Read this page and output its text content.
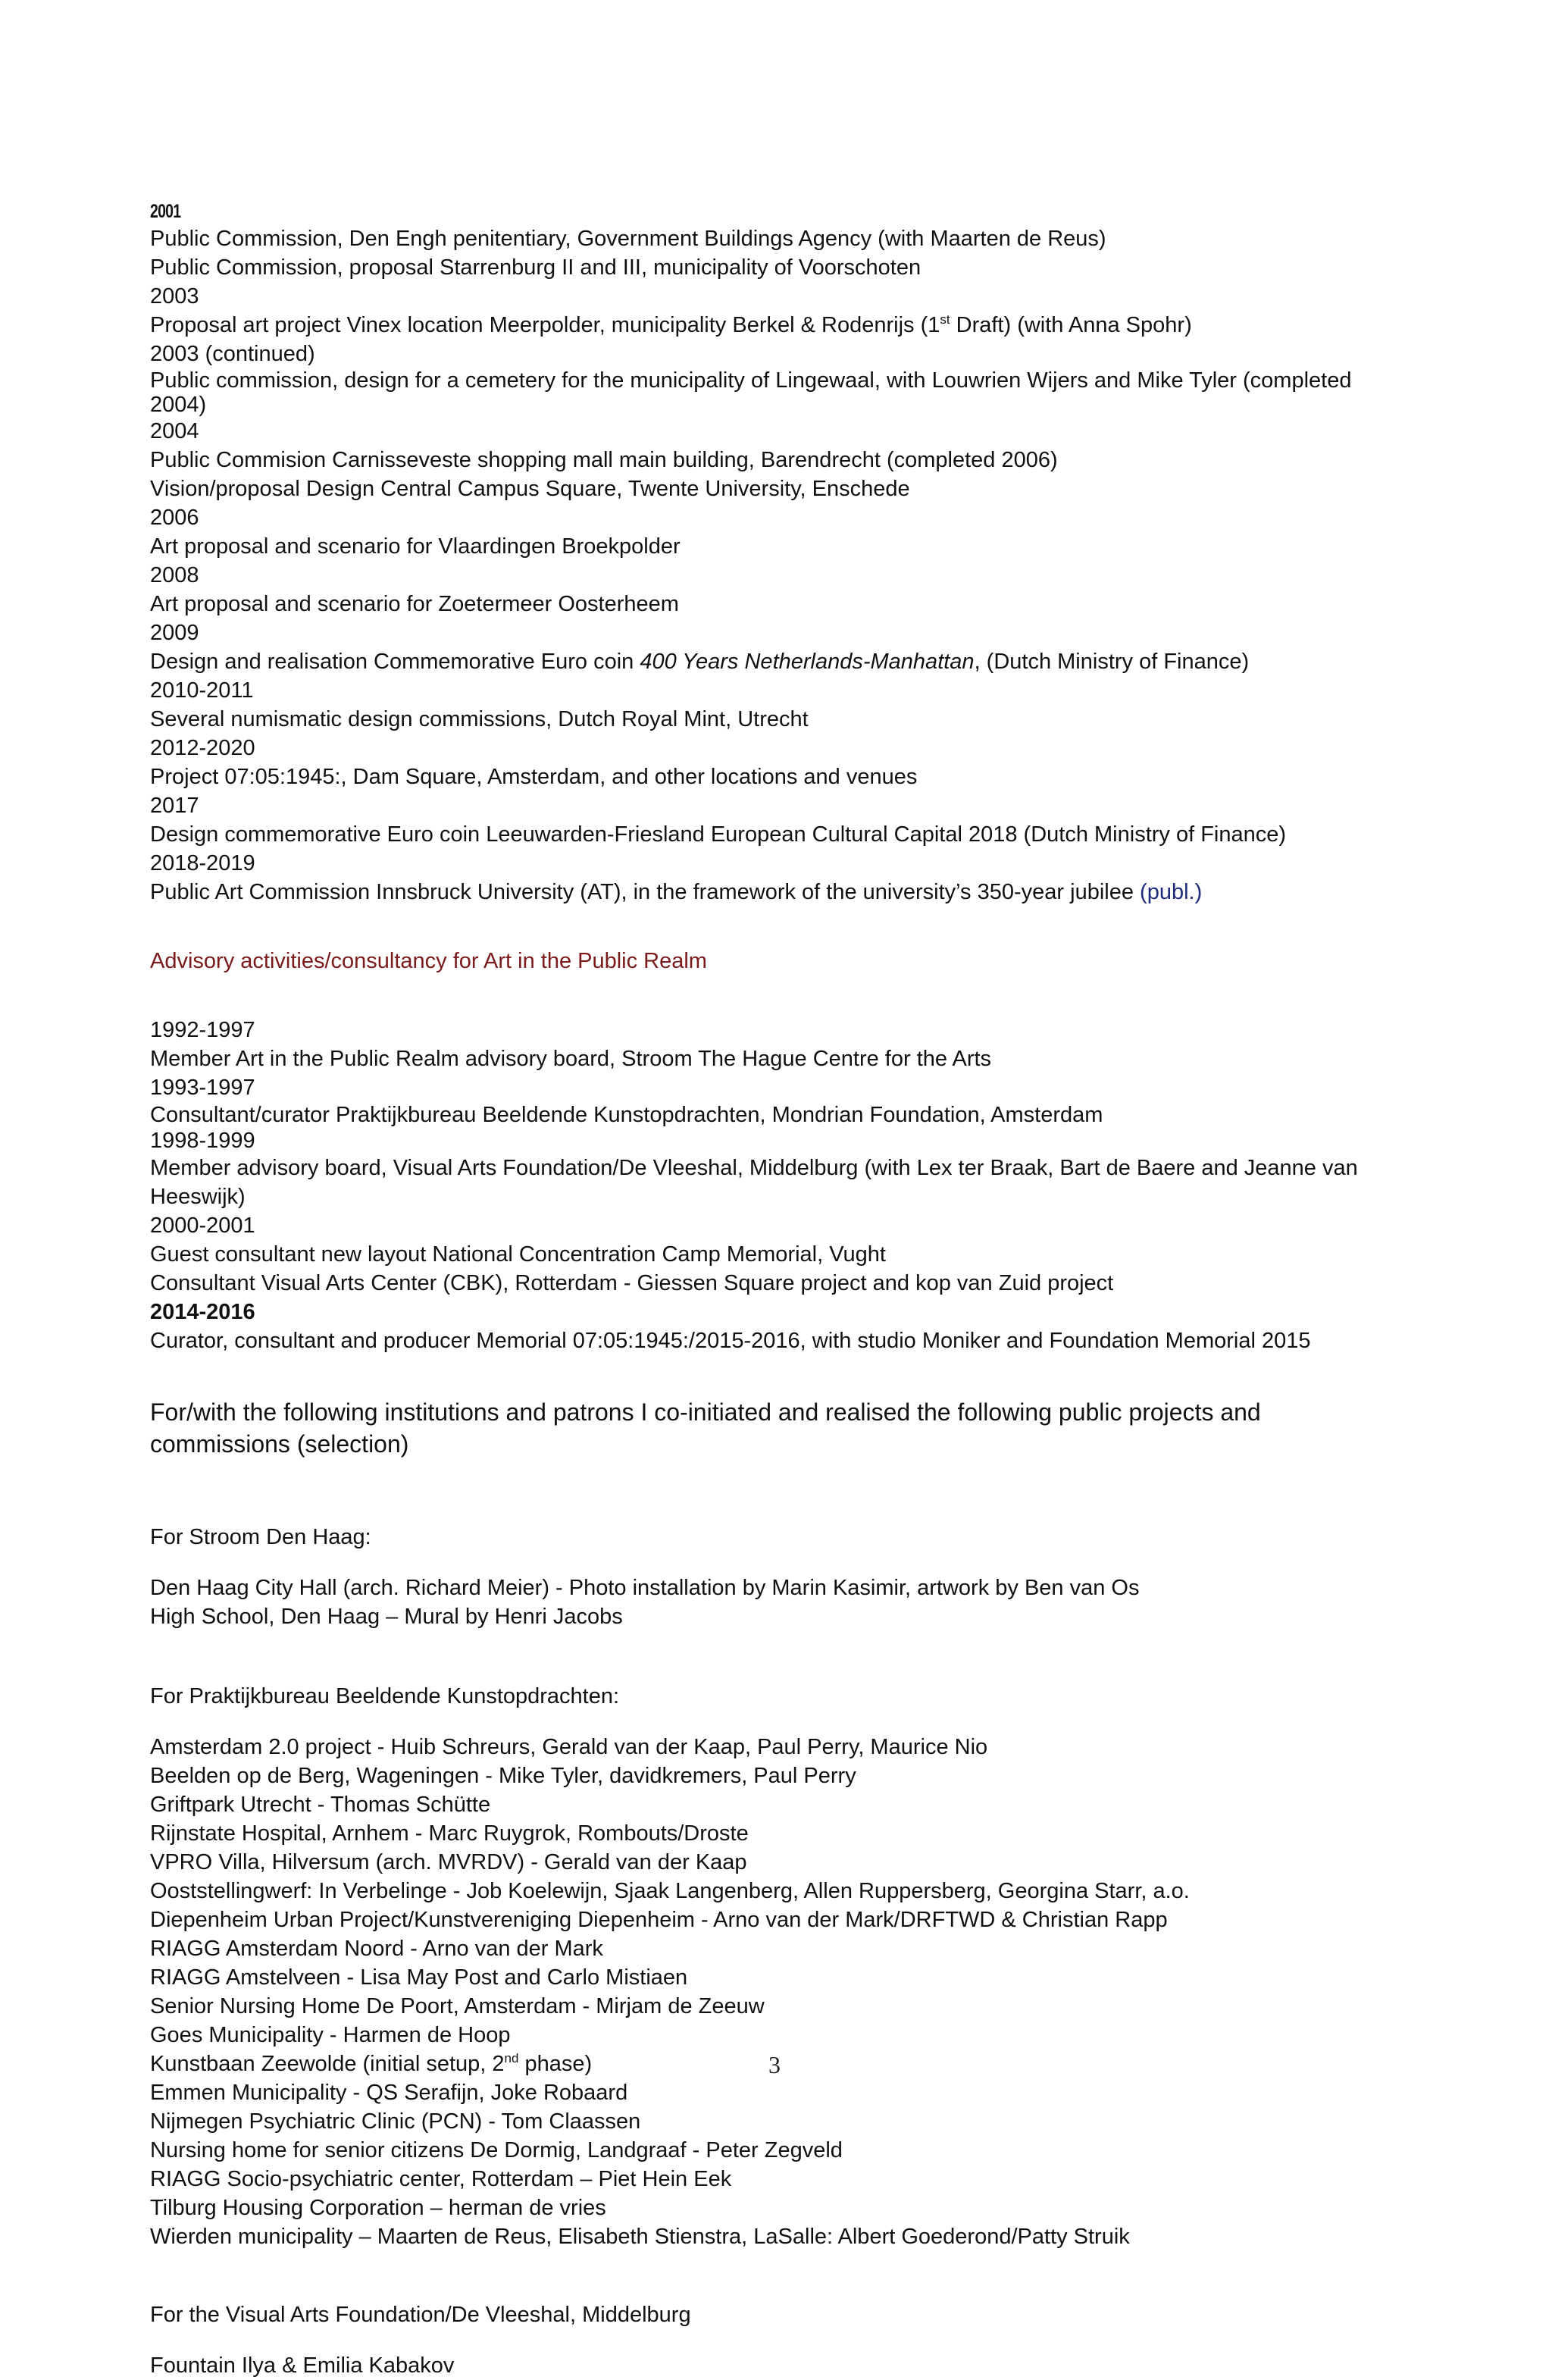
2001

Public Commission, Den Engh penitentiary, Government Buildings Agency (with Maarten de Reus)

Public Commission, proposal Starrenburg II and III, municipality of Voorschoten

2003

Proposal art project Vinex location Meerpolder, municipality Berkel & Rodenrijs (1st Draft) (with Anna Spohr)

2003 (continued)

Public commission, design for a cemetery for the municipality of Lingewaal, with Louwrien Wijers and Mike Tyler (completed 2004)

2004

Public Commision Carnisseveste shopping mall main building, Barendrecht (completed 2006)

Vision/proposal Design Central Campus Square, Twente University, Enschede

2006

Art proposal and scenario for Vlaardingen Broekpolder

2008

Art proposal and scenario for Zoetermeer Oosterheem

2009

Design and realisation Commemorative Euro coin 400 Years Netherlands-Manhattan, (Dutch Ministry of Finance)

2010-2011

Several numismatic design commissions, Dutch Royal Mint, Utrecht

2012-2020

Project 07:05:1945:, Dam Square, Amsterdam, and other locations and venues

2017

Design commemorative Euro coin Leeuwarden-Friesland European Cultural Capital 2018 (Dutch Ministry of Finance)

2018-2019

Public Art Commission Innsbruck University (AT), in the framework of the university’s 350-year jubilee (publ.)

Advisory activities/consultancy for Art in the Public Realm

1992-1997

Member Art in the Public Realm advisory board, Stroom The Hague Centre for the Arts

1993-1997

Consultant/curator Praktijkbureau Beeldende Kunstopdrachten, Mondrian Foundation, Amsterdam

1998-1999

Member advisory board, Visual Arts Foundation/De Vleeshal, Middelburg (with Lex ter Braak, Bart de Baere and Jeanne van Heeswijk)

2000-2001

Guest consultant new layout National Concentration Camp Memorial, Vught

Consultant Visual Arts Center (CBK), Rotterdam - Giessen Square project and kop van Zuid project

2014-2016

Curator, consultant and producer Memorial 07:05:1945:/2015-2016, with studio Moniker and Foundation Memorial 2015

For/with the following institutions and patrons I co-initiated and realised the following public projects and commissions (selection)

For Stroom Den Haag:

Den Haag City Hall (arch. Richard Meier) - Photo installation by Marin Kasimir, artwork by Ben van Os

High School, Den Haag – Mural by Henri Jacobs

For Praktijkbureau Beeldende Kunstopdrachten:

Amsterdam 2.0 project - Huib Schreurs, Gerald van der Kaap, Paul Perry, Maurice Nio

Beelden op de Berg, Wageningen - Mike Tyler, davidkremers, Paul Perry

Griftpark Utrecht - Thomas Schütte

Rijnstate Hospital, Arnhem - Marc Ruygrok, Rombouts/Droste

VPRO Villa, Hilversum (arch. MVRDV) - Gerald van der Kaap

Ooststellingwerf: In Verbelinge - Job Koelewijn, Sjaak Langenberg, Allen Ruppersberg, Georgina Starr, a.o.

Diepenheim Urban Project/Kunstvereniging Diepenheim - Arno van der Mark/DRFTWD & Christian Rapp

RIAGG Amsterdam Noord - Arno van der Mark

RIAGG Amstelveen - Lisa May Post and Carlo Mistiaen

Senior Nursing Home De Poort, Amsterdam - Mirjam de Zeeuw

Goes Municipality - Harmen de Hoop

Kunstbaan Zeewolde (initial setup, 2nd phase)

Emmen Municipality - QS Serafijn, Joke Robaard

Nijmegen Psychiatric Clinic (PCN) - Tom Claassen

Nursing home for senior citizens De Dormig, Landgraaf - Peter Zegveld

RIAGG Socio-psychiatric center, Rotterdam – Piet Hein Eek

Tilburg Housing Corporation – herman de vries

Wierden municipality – Maarten de Reus, Elisabeth Stienstra, LaSalle: Albert Goederond/Patty Struik

For the Visual Arts Foundation/De Vleeshal, Middelburg

Fountain Ilya & Emilia Kabakov

3
